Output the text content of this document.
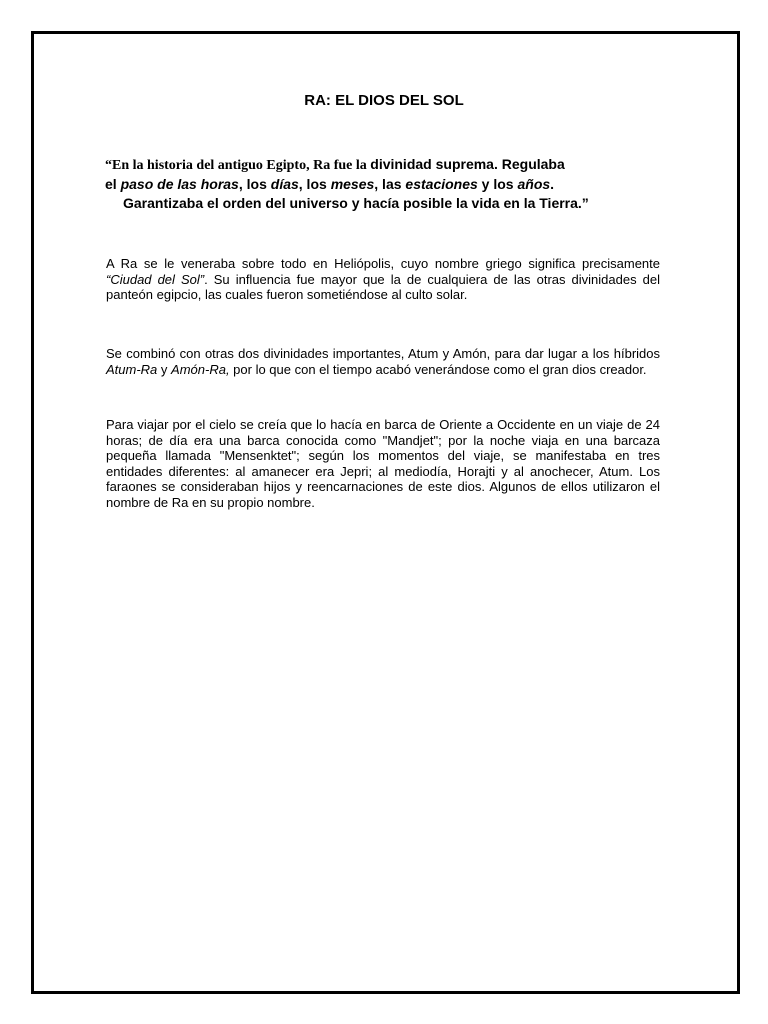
RA: EL DIOS DEL SOL

“En la historia del antiguo Egipto, Ra fue la divinidad suprema. Regulaba
el paso de las horas, los días, los meses, las estaciones y los años.
Garantizaba el orden del universo y hacía posible la vida en la Tierra.”

A Ra se le veneraba sobre todo en Heliópolis, cuyo nombre griego significa precisamente “Ciudad del Sol”. Su influencia fue mayor que la de cualquiera de las otras divinidades del panteón egipcio, las cuales fueron sometiéndose al culto solar.

Se combinó con otras dos divinidades importantes, Atum y Amón, para dar lugar a los híbridos Atum-Ra y Amón-Ra, por lo que con el tiempo acabó venerándose como el gran dios creador.

Para viajar por el cielo se creía que lo hacía en barca de Oriente a Occidente en un viaje de 24 horas; de día era una barca conocida como "Mandjet"; por la noche viaja en una barcaza pequeña llamada "Mensenktet"; según los momentos del viaje, se manifestaba en tres entidades diferentes: al amanecer era Jepri; al mediodía, Horajti y al anochecer, Atum. Los faraones se consideraban hijos y reencarnaciones de este dios. Algunos de ellos utilizaron el nombre de Ra en su propio nombre.
